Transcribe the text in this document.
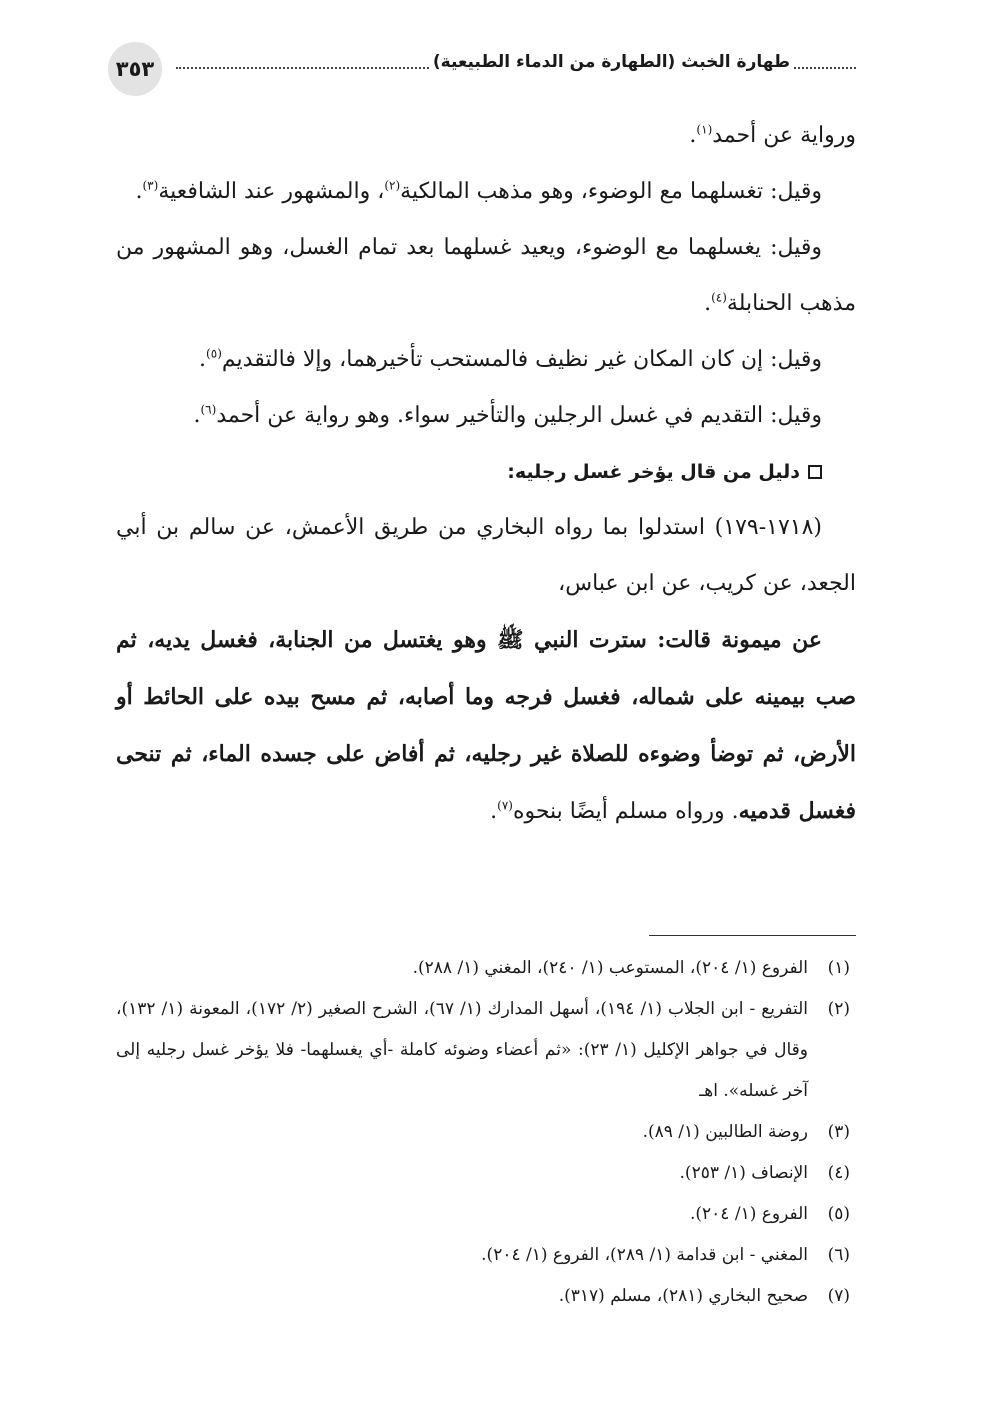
٣٥٣	طهارة الخبث (الطهارة من الدماء الطبيعية)

ورواية عن أحمد$^{(١)}$.

وقيل: تغسلهما مع الوضوء، وهو مذهب المالكية$^{(٢)}$، والمشهور عند الشافعية$^{(٣)}$.

وقيل: يغسلهما مع الوضوء، ويعيد غسلهما بعد تمام الغسل، وهو المشهور من مذهب الحنابلة$^{(٤)}$.

وقيل: إن كان المكان غير نظيف فالمستحب تأخيرهما، وإلا فالتقديم$^{(٥)}$.

وقيل: التقديم في غسل الرجلين والتأخير سواء. وهو رواية عن أحمد$^{(٦)}$.

دليل من قال يؤخر غسل رجليه:

(١٧١٨-١٧٩) استدلوا بما رواه البخاري من طريق الأعمش، عن سالم بن أبي الجعد، عن كريب، عن ابن عباس،

عن ميمونة قالت: سترت النبي ﷺ وهو يغتسل من الجنابة، فغسل يديه، ثم صب بيمينه على شماله، فغسل فرجه وما أصابه، ثم مسح بيده على الحائط أو الأرض، ثم توضأ وضوءه للصلاة غير رجليه، ثم أفاض على جسده الماء، ثم تنحى فغسل قدميه. ورواه مسلم أيضًا بنحوه$^{(٧)}$.

(١)
الفروع (١/ ٢٠٤)، المستوعب (١/ ٢٤٠)، المغني (١/ ٢٨٨).

(٢)
التفريع - ابن الجلاب (١/ ١٩٤)، أسهل المدارك (١/ ٦٧)، الشرح الصغير (٢/ ١٧٢)، المعونة (١/ ١٣٢)، وقال في جواهر الإكليل (١/ ٢٣): «ثم أعضاء وضوئه كاملة -أي يغسلهما- فلا يؤخر غسل رجليه إلى آخر غسله». اهـ

(٣)
روضة الطالبين (١/ ٨٩).

(٤)
الإنصاف (١/ ٢٥٣).

(٥)
الفروع (١/ ٢٠٤).

(٦)
المغني - ابن قدامة (١/ ٢٨٩)، الفروع (١/ ٢٠٤).

(٧)
صحيح البخاري (٢٨١)، مسلم (٣١٧).
